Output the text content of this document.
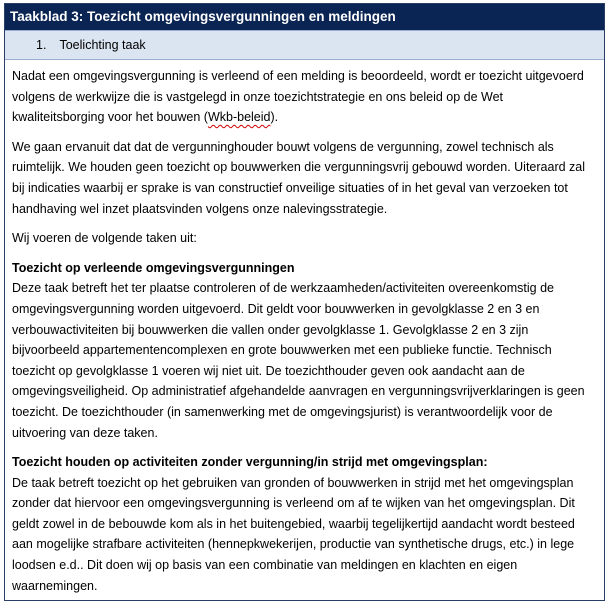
Taakblad 3: Toezicht omgevingsvergunningen en meldingen
1. Toelichting taak

Nadat een omgevingsvergunning is verleend of een melding is beoordeeld, wordt er toezicht uitgevoerd volgens de werkwijze die is vastgelegd in onze toezichtstrategie en ons beleid op de Wet kwaliteitsborging voor het bouwen (Wkb-beleid).

We gaan ervanuit dat dat de vergunninghouder bouwt volgens de vergunning, zowel technisch als ruimtelijk. We houden geen toezicht op bouwwerken die vergunningsvrij gebouwd worden. Uiteraard zal bij indicaties waarbij er sprake is van constructief onveilige situaties of in het geval van verzoeken tot handhaving wel inzet plaatsvinden volgens onze nalevingsstrategie.

Wij voeren de volgende taken uit:

Toezicht op verleende omgevingsvergunningen
Deze taak betreft het ter plaatse controleren of de werkzaamheden/activiteiten overeenkomstig de omgevingsvergunning worden uitgevoerd. Dit geldt voor bouwwerken in gevolgklasse 2 en 3 en verbouwactiviteiten bij bouwwerken die vallen onder gevolgklasse 1. Gevolgklasse 2 en 3 zijn bijvoorbeeld appartementencomplexen en grote bouwwerken met een publieke functie. Technisch toezicht op gevolgklasse 1 voeren wij niet uit. De toezichthouder geven ook aandacht aan de omgevingsveiligheid. Op administratief afgehandelde aanvragen en vergunningsvrijverklaringen is geen toezicht. De toezichthouder (in samenwerking met de omgevingsjurist) is verantwoordelijk voor de uitvoering van deze taken.

Toezicht houden op activiteiten zonder vergunning/in strijd met omgevingsplan:
De taak betreft toezicht op het gebruiken van gronden of bouwwerken in strijd met het omgevingsplan zonder dat hiervoor een omgevingsvergunning is verleend om af te wijken van het omgevingsplan. Dit geldt zowel in de bebouwde kom als in het buitengebied, waarbij tegelijkertijd aandacht wordt besteed aan mogelijke strafbare activiteiten (hennepkwekerijen, productie van synthetische drugs, etc.) in lege loodsen e.d.. Dit doen wij op basis van een combinatie van meldingen en klachten en eigen waarnemingen.
